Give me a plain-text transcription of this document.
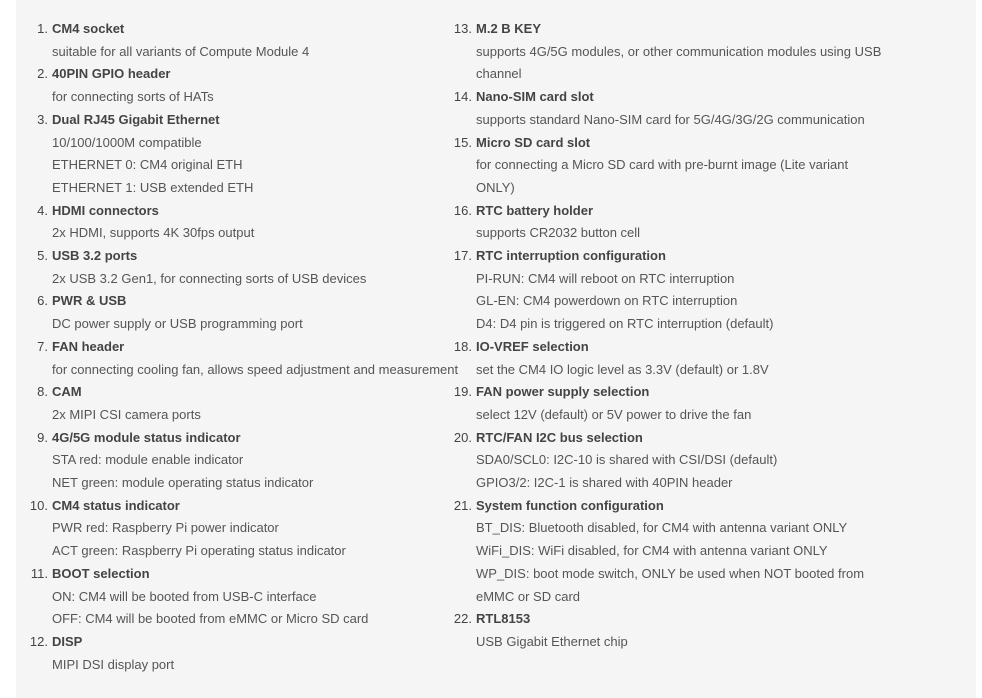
1. CM4 socket
suitable for all variants of Compute Module 4
2. 40PIN GPIO header
for connecting sorts of HATs
3. Dual RJ45 Gigabit Ethernet
10/100/1000M compatible
ETHERNET 0: CM4 original ETH
ETHERNET 1: USB extended ETH
4. HDMI connectors
2x HDMI, supports 4K 30fps output
5. USB 3.2 ports
2x USB 3.2 Gen1, for connecting sorts of USB devices
6. PWR & USB
DC power supply or USB programming port
7. FAN header
for connecting cooling fan, allows speed adjustment and measurement
8. CAM
2x MIPI CSI camera ports
9. 4G/5G module status indicator
STA red: module enable indicator
NET green: module operating status indicator
10. CM4 status indicator
PWR red: Raspberry Pi power indicator
ACT green: Raspberry Pi operating status indicator
11. BOOT selection
ON: CM4 will be booted from USB-C interface
OFF: CM4 will be booted from eMMC or Micro SD card
12. DISP
MIPI DSI display port
13. M.2 B KEY
supports 4G/5G modules, or other communication modules using USB
channel
14. Nano-SIM card slot
supports standard Nano-SIM card for 5G/4G/3G/2G communication
15. Micro SD card slot
for connecting a Micro SD card with pre-burnt image (Lite variant
ONLY)
16. RTC battery holder
supports CR2032 button cell
17. RTC interruption configuration
PI-RUN: CM4 will reboot on RTC interruption
GL-EN: CM4 powerdown on RTC interruption
D4: D4 pin is triggered on RTC interruption (default)
18. IO-VREF selection
set the CM4 IO logic level as 3.3V (default) or 1.8V
19. FAN power supply selection
select 12V (default) or 5V power to drive the fan
20. RTC/FAN I2C bus selection
SDA0/SCL0: I2C-10 is shared with CSI/DSI (default)
GPIO3/2: I2C-1 is shared with 40PIN header
21. System function configuration
BT_DIS: Bluetooth disabled, for CM4 with antenna variant ONLY
WiFi_DIS: WiFi disabled, for CM4 with antenna variant ONLY
WP_DIS: boot mode switch, ONLY be used when NOT booted from
eMMC or SD card
22. RTL8153
USB Gigabit Ethernet chip
